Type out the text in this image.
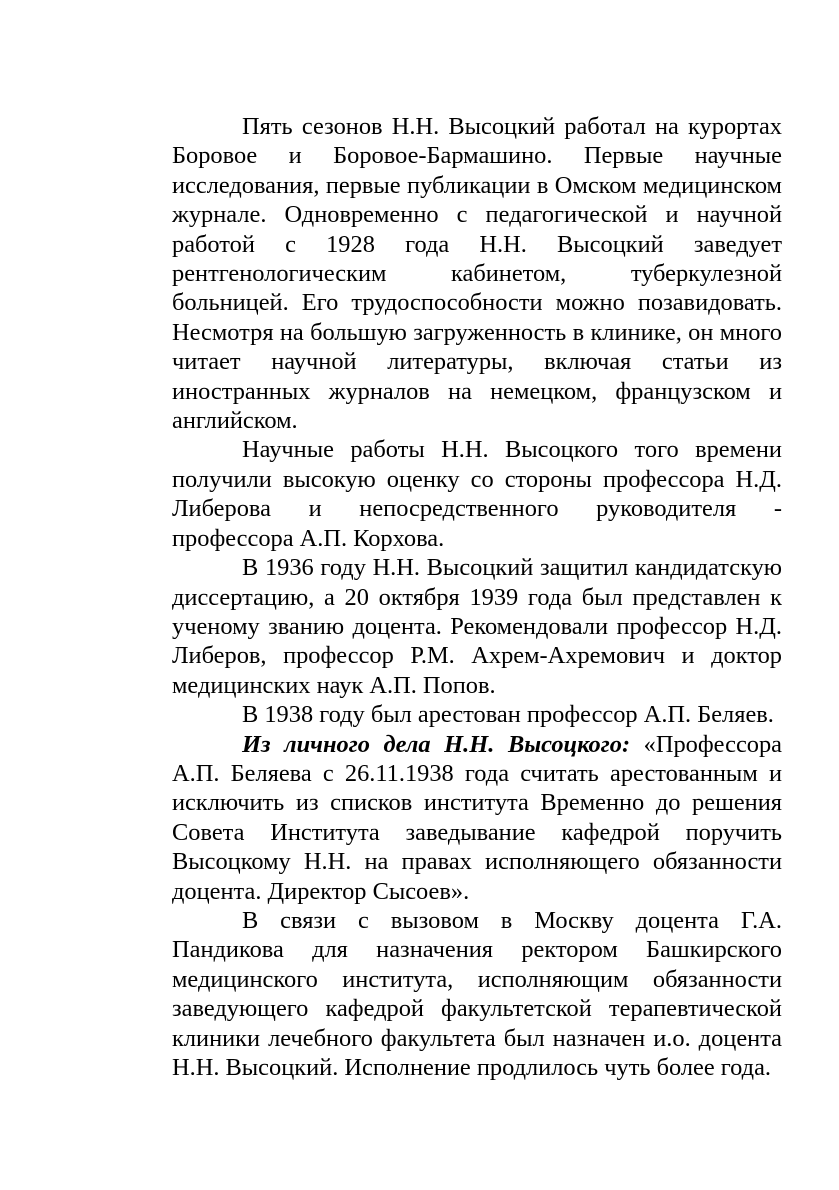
Пять сезонов Н.Н. Высоцкий работал на курортах Боровое и Боровое-Бармашино. Первые научные исследования, первые публикации в Омском медицинском журнале. Одновременно с педагогической и научной работой с 1928 года Н.Н. Высоцкий заведует рентгенологическим кабинетом, туберкулезной больницей. Его трудоспособности можно позавидовать. Несмотря на большую загруженность в клинике, он много читает научной литературы, включая статьи из иностранных журналов на немецком, французском и английском.

Научные работы Н.Н. Высоцкого того времени получили высокую оценку со стороны профессора Н.Д. Либерова и непосредственного руководителя - профессора А.П. Корхова.

В 1936 году Н.Н. Высоцкий защитил кандидатскую диссертацию, а 20 октября 1939 года был представлен к ученому званию доцента. Рекомендовали профессор Н.Д. Либеров, профессор Р.М. Ахрем-Ахремович и доктор медицинских наук А.П. Попов.

В 1938 году был арестован профессор А.П. Беляев.

Из личного дела Н.Н. Высоцкого: «Профессора А.П. Беляева с 26.11.1938 года считать арестованным и исключить из списков института Временно до решения Совета Института заведывание кафедрой поручить Высоцкому Н.Н. на правах исполняющего обязанности доцента. Директор Сысоев».

В связи с вызовом в Москву доцента Г.А. Пандикова для назначения ректором Башкирского медицинского института, исполняющим обязанности заведующего кафедрой факультетской терапевтической клиники лечебного факультета был назначен и.о. доцента Н.Н. Высоцкий. Исполнение продлилось чуть более года.
